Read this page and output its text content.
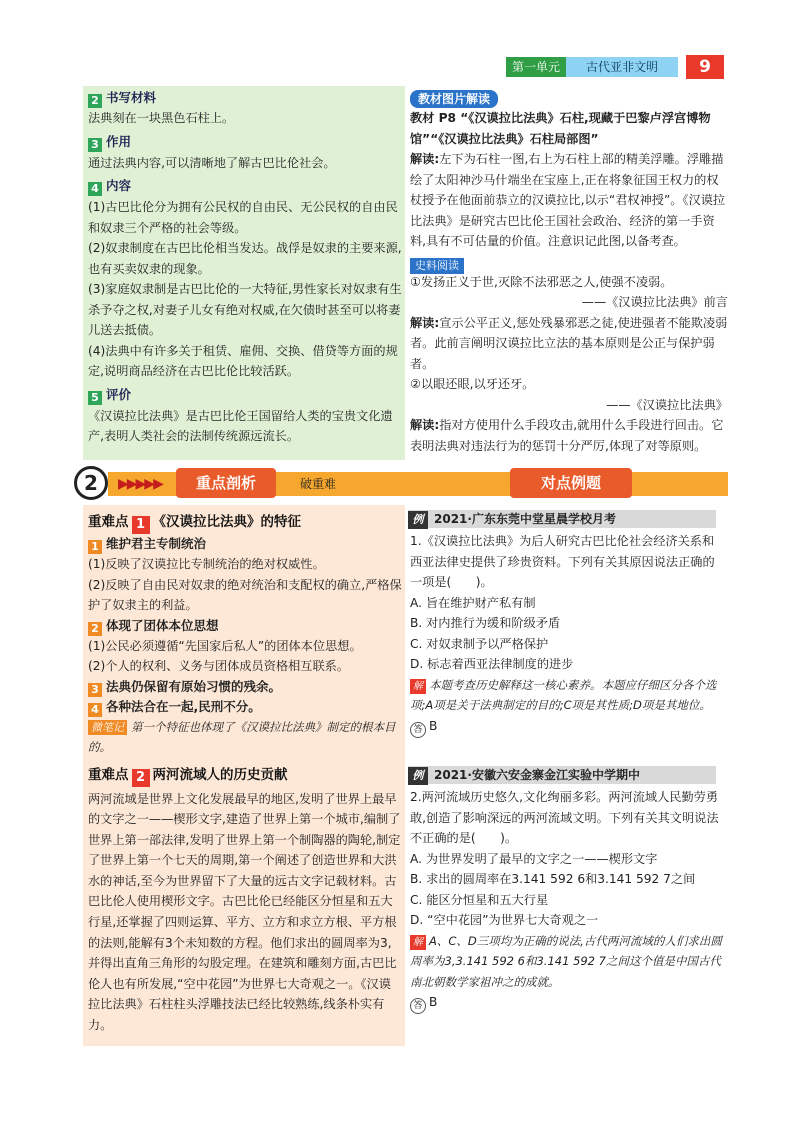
第一单元	古代亚非文明	9
2 书写材料
法典刻在一块黑色石柱上。
3 作用
通过法典内容,可以清晰地了解古巴比伦社会。
4 内容
(1)古巴比伦分为拥有公民权的自由民、无公民权的自由民和奴隶三个严格的社会等级。
(2)奴隶制度在古巴比伦相当发达。战俘是奴隶的主要来源,也有买卖奴隶的现象。
(3)家庭奴隶制是古巴比伦的一大特征,男性家长对奴隶有生杀予夺之权,对妻子儿女有绝对权威,在欠债时甚至可以将妻儿送去抵债。
(4)法典中有许多关于租赁、雇佣、交换、借贷等方面的规定,说明商品经济在古巴比伦比较活跃。
5 评价
《汉谟拉比法典》是古巴比伦王国留给人类的宝贵文化遗产,表明人类社会的法制传统源远流长。
教材图片解读
教材 P8 “《汉谟拉比法典》石柱,现藏于巴黎卢浮宫博物馆”“《汉谟拉比法典》石柱局部图”
解读:左下为石柱一图,右上为石柱上部的精美浮雕。浮雕描绘了太阳神沙马什端坐在宝座上,正在将象征国王权力的权杖授予在他面前恭立的汉谟拉比,以示“君权神授”。《汉谟拉比法典》是研究古巴比伦王国社会政治、经济的第一手资料,具有不可估量的价值。注意识记此图,以备考查。
史料阅读
①发扬正义于世,灭除不法邪恶之人,使强不凌弱。
——《汉谟拉比法典》前言
解读:宣示公平正义,惩处残暴邪恶之徒,使进强者不能欺凌弱者。此前言阐明汉谟拉比立法的基本原则是公正与保护弱者。
②以眼还眼,以牙还牙。
——《汉谟拉比法典》
解读:指对方使用什么手段攻击,就用什么手段进行回击。它表明法典对违法行为的惩罚十分严厉,体现了对等原则。
2	▶▶▶▶▶	重点剖析	破重难	对点例题
重难点 1 《汉谟拉比法典》的特征
1 维护君主专制统治
(1)反映了汉谟拉比专制统治的绝对权威性。
(2)反映了自由民对奴隶的绝对统治和支配权的确立,严格保护了奴隶主的利益。
2 体现了团体本位思想
(1)公民必须遵循“先国家后私人”的团体本位思想。
(2)个人的权利、义务与团体成员资格相互联系。
3 法典仍保留有原始习惯的残余。
4 各种法合在一起,民刑不分。
微笔记 第一个特征也体现了《汉谟拉比法典》制定的根本目的。
重难点 2 两河流域人的历史贡献
两河流域是世界上文化发展最早的地区,发明了世界上最早的文字之一——楔形文字,建造了世界上第一个城市,编制了世界上第一部法律,发明了世界上第一个制陶器的陶轮,制定了世界上第一个七天的周期,第一个阐述了创造世界和大洪水的神话,至今为世界留下了大量的远古文字记载材料。古巴比伦人使用楔形文字。古巴比伦已经能区分恒星和五大行星,还掌握了四则运算、平方、立方和求立方根、平方根的法则,能解有3个未知数的方程。他们求出的圆周率为3,并得出直角三角形的勾股定理。在建筑和雕刻方面,古巴比伦人也有所发展,“空中花园”为世界七大奇观之一。《汉谟拉比法典》石柱柱头浮雕技法已经比较熟练,线条朴实有力。
例 2021·广东东莞中堂星晨学校月考
1.《汉谟拉比法典》为后人研究古巴比伦社会经济关系和西亚法律史提供了珍贵资料。下列有关其原因说法正确的一项是(　　)。
A. 旨在维护财产私有制
B. 对内推行为缓和阶级矛盾
C. 对奴隶制予以严格保护
D. 标志着西亚法律制度的进步
解 本题考查历史解释这一核心素养。本题应仔细区分各个选项;A项是关于法典制定的目的;C项是其性质;D项是其地位。
答 B
例 2021·安徽六安金寨金江实验中学期中
2.两河流域历史悠久,文化绚丽多彩。两河流域人民勤劳勇敢,创造了影响深远的两河流域文明。下列有关其文明说法不正确的是(　　)。
A. 为世界发明了最早的文字之一——楔形文字
B. 求出的圆周率在3.141 592 6和3.141 592 7之间
C. 能区分恒星和五大行星
D. “空中花园”为世界七大奇观之一
解 A、C、D三项均为正确的说法,古代两河流域的人们求出圆周率为3,3.141 592 6和3.141 592 7之间这个值是中国古代南北朝数学家祖冲之的成就。
答 B
